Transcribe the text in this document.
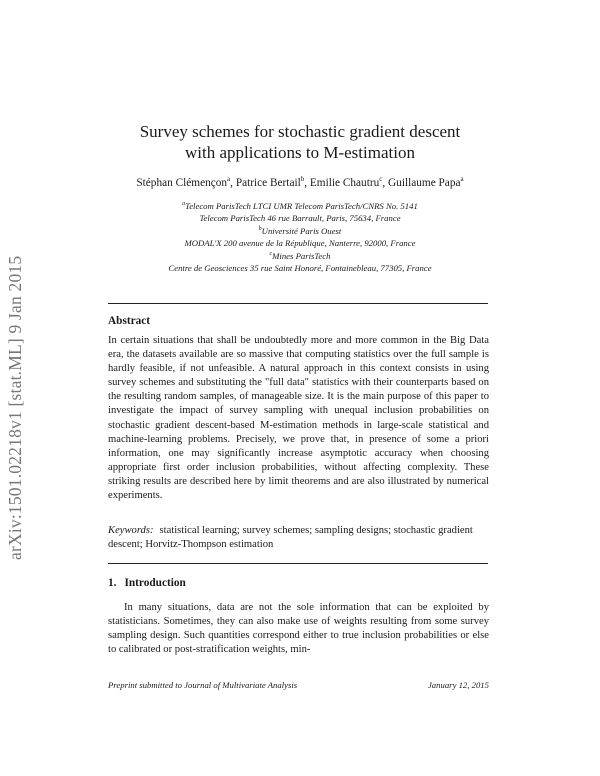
arXiv:1501.02218v1 [stat.ML] 9 Jan 2015
Survey schemes for stochastic gradient descent
with applications to M-estimation
Stéphan Clémençon$^a$, Patrice Bertail$^b$, Emilie Chautru$^c$, Guillaume Papa$^a$
$^a$Telecom ParisTech LTCI UMR Telecom ParisTech/CNRS No. 5141
Telecom ParisTech 46 rue Barrault, Paris, 75634, France
$^b$Université Paris Ouest
MODAL'X 200 avenue de la République, Nanterre, 92000, France
$^c$Mines ParisTech
Centre de Geosciences 35 rue Saint Honoré, Fontainebleau, 77305, France
Abstract
In certain situations that shall be undoubtedly more and more common in the Big Data era, the datasets available are so massive that computing statistics over the full sample is hardly feasible, if not unfeasible. A natural approach in this context consists in using survey schemes and substituting the "full data" statistics with their counterparts based on the resulting random samples, of manageable size. It is the main purpose of this paper to investigate the impact of survey sampling with unequal inclusion probabilities on stochastic gradient descent-based M-estimation methods in large-scale statistical and machine-learning problems. Precisely, we prove that, in presence of some a priori information, one may significantly increase asymptotic accuracy when choosing appropriate first order inclusion probabilities, without affecting complexity. These striking results are described here by limit theorems and are also illustrated by numerical experiments.
Keywords: statistical learning; survey schemes; sampling designs; stochastic gradient descent; Horvitz-Thompson estimation
1. Introduction
In many situations, data are not the sole information that can be exploited by statisticians. Sometimes, they can also make use of weights resulting from some survey sampling design. Such quantities correspond either to true inclusion probabilities or else to calibrated or post-stratification weights, min-
Preprint submitted to Journal of Multivariate Analysis	January 12, 2015
